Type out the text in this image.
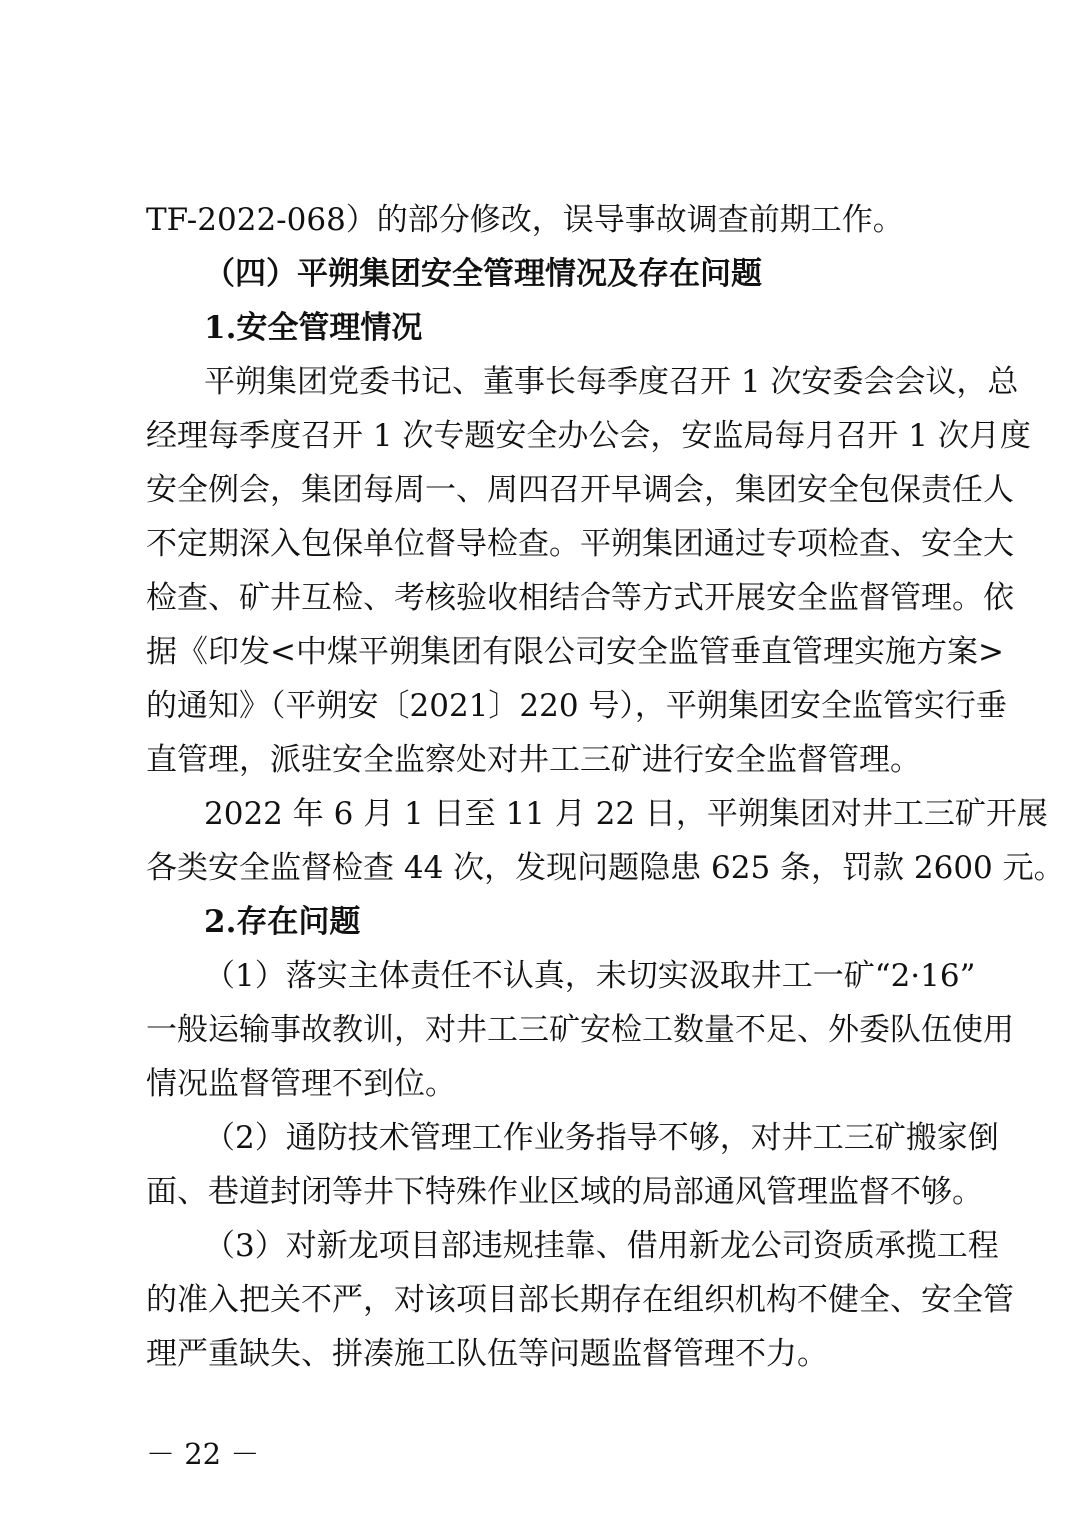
TF-2022-068）的部分修改，误导事故调查前期工作。
（四）平朔集团安全管理情况及存在问题
1.安全管理情况
平朔集团党委书记、董事长每季度召开 1 次安委会会议，总
经理每季度召开 1 次专题安全办公会，安监局每月召开 1 次月度
安全例会，集团每周一、周四召开早调会，集团安全包保责任人
不定期深入包保单位督导检查。平朔集团通过专项检查、安全大
检查、矿井互检、考核验收相结合等方式开展安全监督管理。依
据《印发<中煤平朔集团有限公司安全监管垂直管理实施方案>
的通知》（平朔安〔2021〕220 号），平朔集团安全监管实行垂
直管理，派驻安全监察处对井工三矿进行安全监督管理。
2022 年 6 月 1 日至 11 月 22 日，平朔集团对井工三矿开展
各类安全监督检查 44 次，发现问题隐患 625 条，罚款 2600 元。
2.存在问题
（1）落实主体责任不认真，未切实汲取井工一矿“2·16”
一般运输事故教训，对井工三矿安检工数量不足、外委队伍使用
情况监督管理不到位。
（2）通防技术管理工作业务指导不够，对井工三矿搬家倒
面、巷道封闭等井下特殊作业区域的局部通风管理监督不够。
（3）对新龙项目部违规挂靠、借用新龙公司资质承揽工程
的准入把关不严，对该项目部长期存在组织机构不健全、安全管
理严重缺失、拼凑施工队伍等问题监督管理不力。
－ 22 －
